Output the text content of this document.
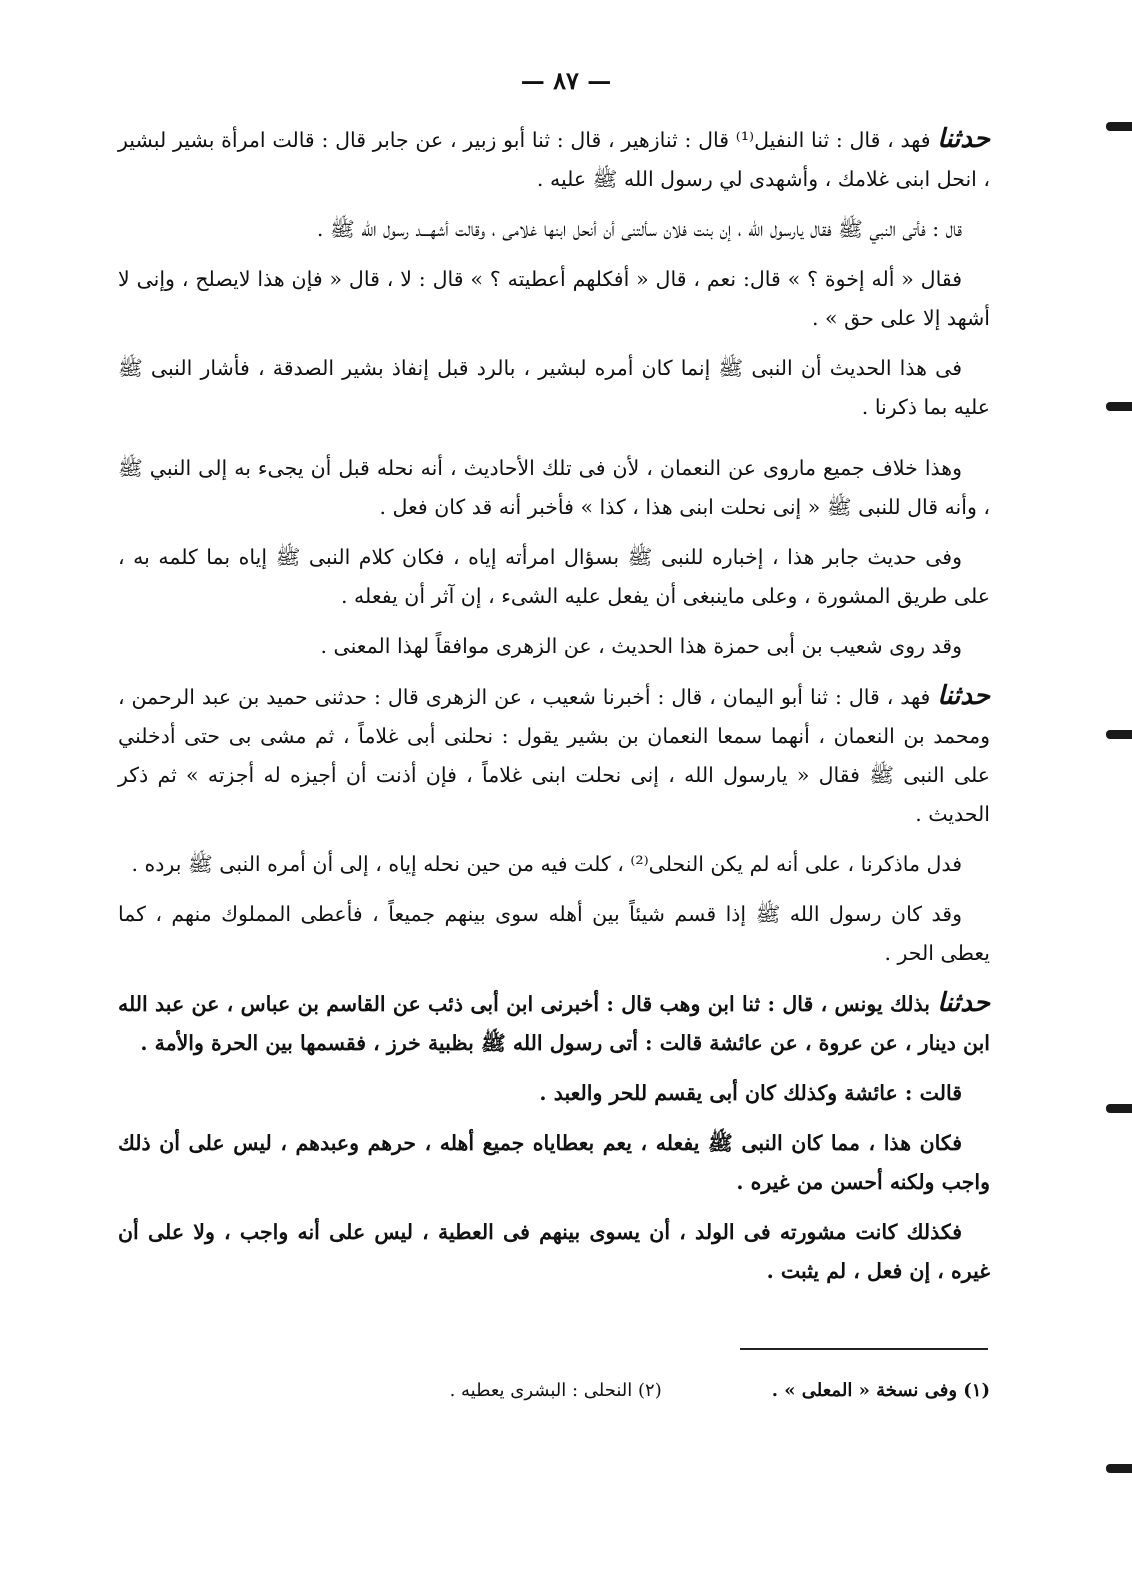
— ٨٧ —

حدثنا فهد ، قال : ثنا النفيل⁽¹⁾ قال : ثنازهير ، قال : ثنا أبو زبير ، عن جابر قال : قالت امرأة بشير لبشير ، انحل ابنى غلامك ، وأشهدى لي رسول الله ﷺ عليه .

قال : فأتى النبي ﷺ فقال يارسول الله ، إن بنت فلان سألتنى أن أنحل ابنها غلامى ، وقالت أشهـــد رسول الله ﷺ .

فقال « أله إخوة ؟ » قال: نعم ، قال « أفكلهم أعطيته ؟ » قال : لا ، قال « فإن هذا لايصلح ، وإنى لا أشهد إلا على حق » .

فى هذا الحديث أن النبى ﷺ إنما كان أمره لبشير ، بالرد قبل إنفاذ بشير الصدقة ، فأشار النبى ﷺ عليه بما ذكرنا .

وهذا خلاف جميع ماروى عن النعمان ، لأن فى تلك الأحاديث ، أنه نحله قبل أن يجىء به إلى النبي ﷺ ، وأنه قال للنبى ﷺ « إنى نحلت ابنى هذا ، كذا » فأخبر أنه قد كان فعل .

وفى حديث جابر هذا ، إخباره للنبى ﷺ بسؤال امرأته إياه ، فكان كلام النبى ﷺ إياه بما كلمه به ، على طريق المشورة ، وعلى ماينبغى أن يفعل عليه الشىء ، إن آثر أن يفعله .

وقد روى شعيب بن أبى حمزة هذا الحديث ، عن الزهرى موافقاً لهذا المعنى .

حدثنا فهد ، قال : ثنا أبو اليمان ، قال : أخبرنا شعيب ، عن الزهرى قال : حدثنى حميد بن عبد الرحمن ، ومحمد بن النعمان ، أنهما سمعا النعمان بن بشير يقول : نحلنى أبى غلاماً ، ثم مشى بى حتى أدخلني على النبى ﷺ فقال « يارسول الله ، إنى نحلت ابنى غلاماً ، فإن أذنت أن أجيزه له أجزته » ثم ذكر الحديث .

فدل ماذكرنا ، على أنه لم يكن النحلى⁽²⁾ ، كلت فيه من حين نحله إياه ، إلى أن أمره النبى ﷺ برده .

وقد كان رسول الله ﷺ إذا قسم شيئاً بين أهله سوى بينهم جميعاً ، فأعطى المملوك منهم ، كما يعطى الحر .

حدثنا بذلك يونس ، قال : ثنا ابن وهب قال : أخبرنى ابن أبى ذئب عن القاسم بن عباس ، عن عبد الله ابن دينار ، عن عروة ، عن عائشة قالت : أتى رسول الله ﷺ بظبية خرز ، فقسمها بين الحرة والأمة .

قالت : عائشة وكذلك كان أبى يقسم للحر والعبد .

فكان هذا ، مما كان النبى ﷺ يفعله ، يعم بعطاياه جميع أهله ، حرهم وعبدهم ، ليس على أن ذلك واجب ولكنه أحسن من غيره .

فكذلك كانت مشورته فى الولد ، أن يسوى بينهم فى العطية ، ليس على أنه واجب ، ولا على أن غيره ، إن فعل ، لم يثبت .

(١) وفى نسخة « المعلى » .
(٢) النحلى : البشرى يعطيه .
